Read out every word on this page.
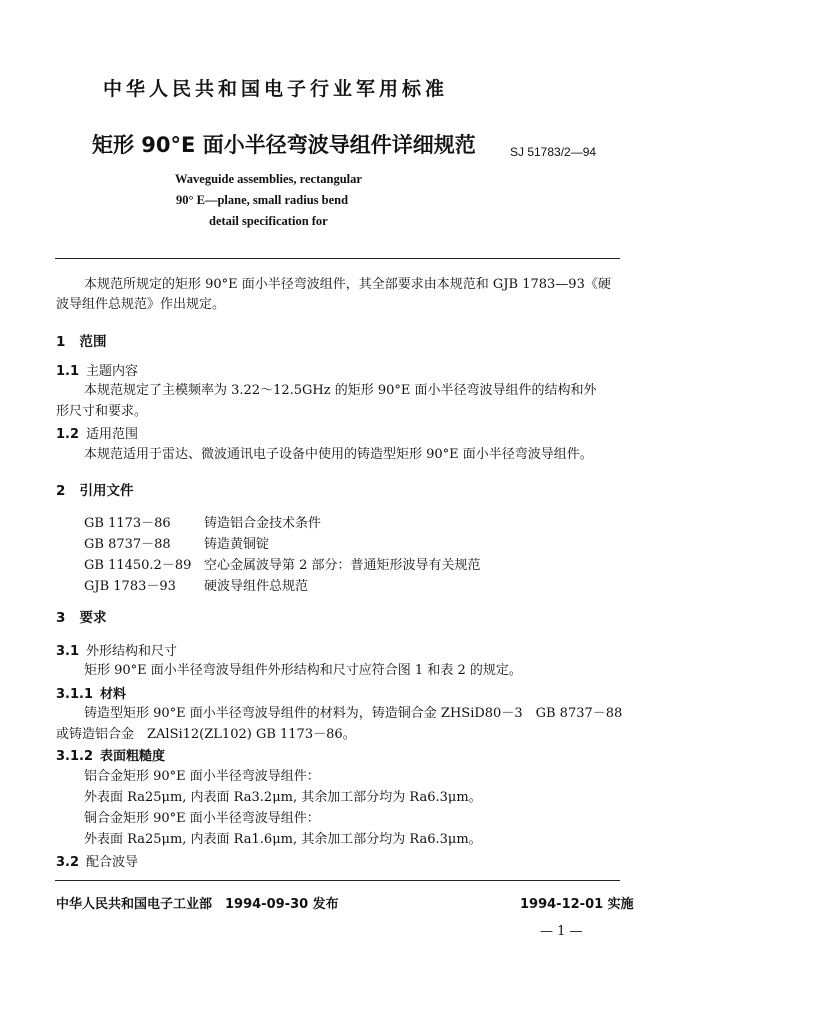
中华人民共和国电子行业军用标准
矩形 90°E 面小半径弯波导组件详细规范	SJ 51783/2—94
Waveguide assemblies, rectangular
90° E—plane, small radius bend
detail specification for
本规范所规定的矩形 90°E 面小半径弯波组件，其全部要求由本规范和 GJB 1783—93《硬
波导组件总规范》作出规定。
1 范围
1.1 主题内容
本规范规定了主模频率为 3.22～12.5GHz 的矩形 90°E 面小半径弯波导组件的结构和外
形尺寸和要求。
1.2 适用范围
本规范适用于雷达、微波通讯电子设备中使用的铸造型矩形 90°E 面小半径弯波导组件。
2 引用文件
GB 1173－86	铸造铝合金技术条件
GB 8737－88	铸造黄铜锭
GB 11450.2－89 空心金属波导第 2 部分：普通矩形波导有关规范
GJB 1783－93 硬波导组件总规范
3 要求
3.1 外形结构和尺寸
矩形 90°E 面小半径弯波导组件外形结构和尺寸应符合图 1 和表 2 的规定。
3.1.1 材料
铸造型矩形 90°E 面小半径弯波导组件的材料为，铸造铜合金 ZHSiD80－3　GB 8737－88
或铸造铝合金　ZAlSi12(ZL102) GB 1173－86。
3.1.2 表面粗糙度
铝合金矩形 90°E 面小半径弯波导组件：
外表面 Ra25μm, 内表面 Ra3.2μm, 其余加工部分均为 Ra6.3μm。
铜合金矩形 90°E 面小半径弯波导组件：
外表面 Ra25μm, 内表面 Ra1.6μm, 其余加工部分均为 Ra6.3μm。
3.2 配合波导
中华人民共和国电子工业部　1994-09-30 发布	1994-12-01 实施
— 1 —
